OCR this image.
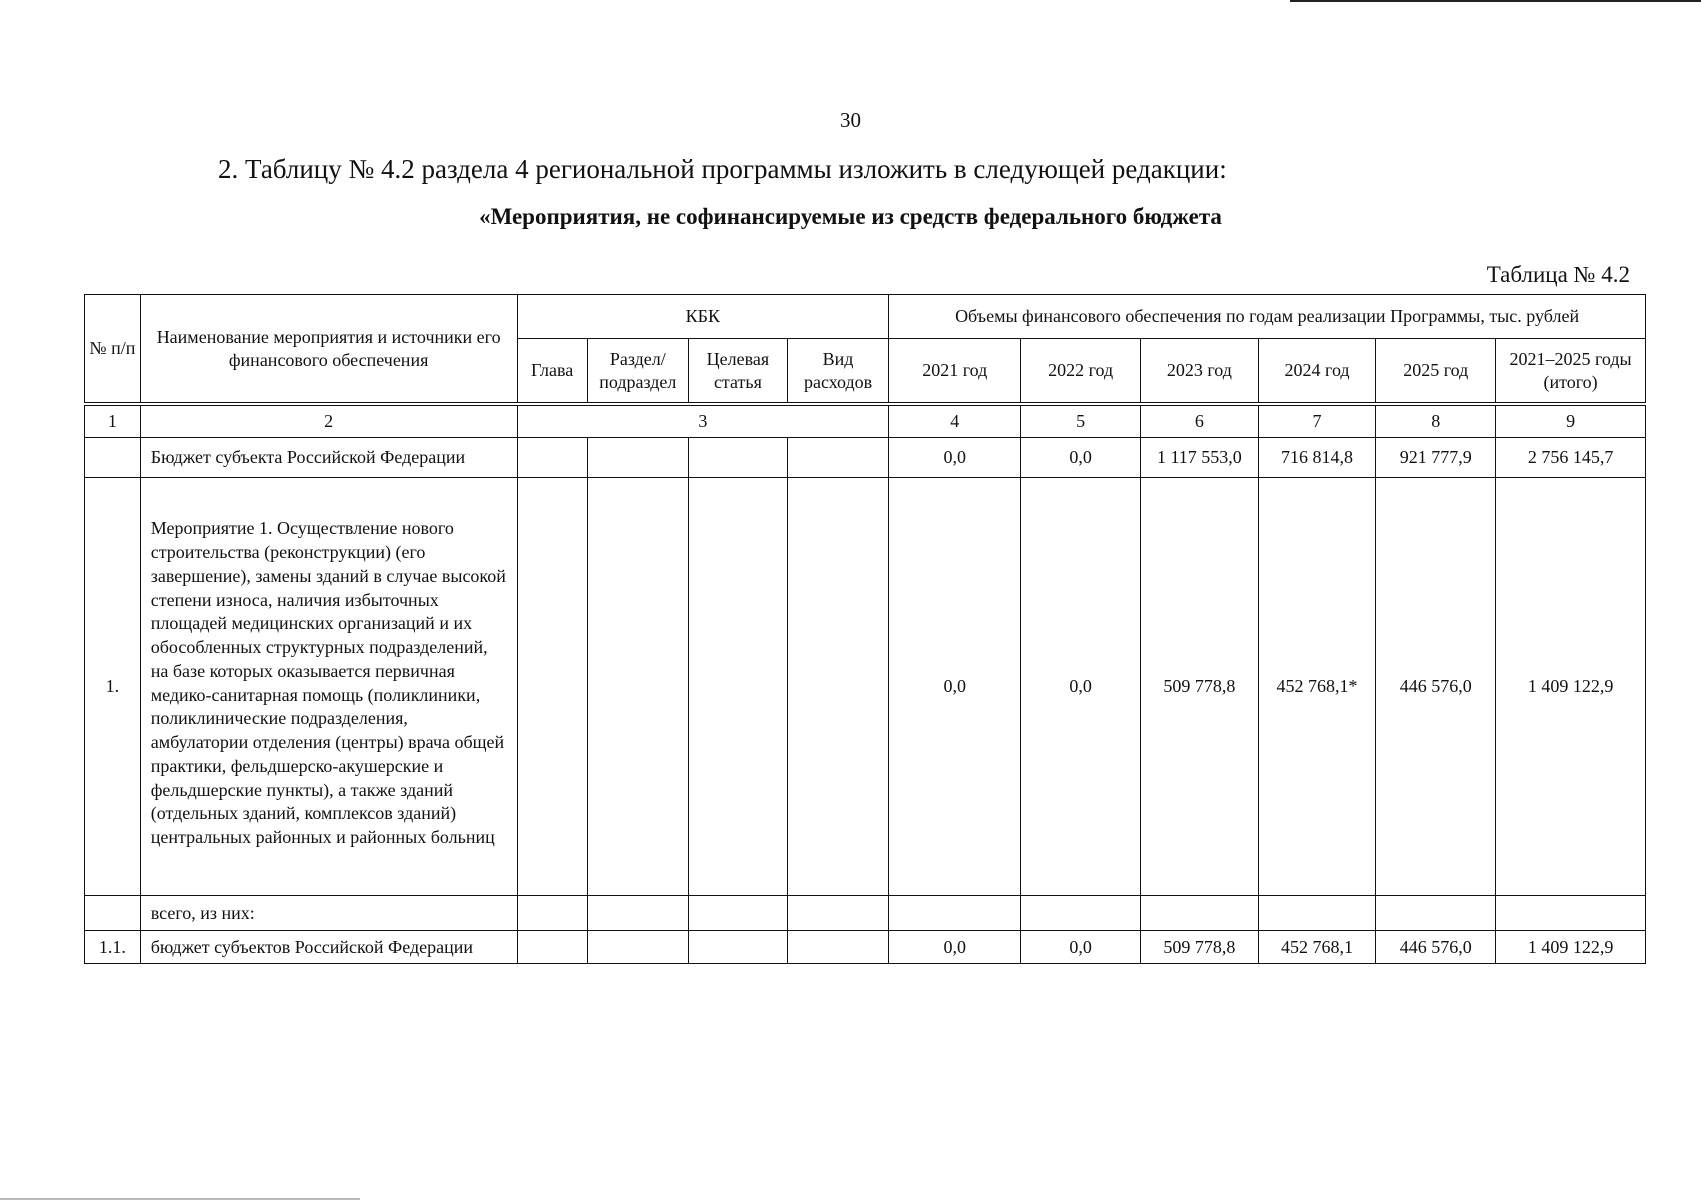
30
2. Таблицу № 4.2 раздела 4 региональной программы изложить в следующей редакции:
«Мероприятия, не софинансируемые из средств федерального бюджета
Таблица № 4.2
№ п/п	Наименование мероприятия и источники его финансового обеспечения	КБК				Объемы финансового обеспечения по годам реализации Программы, тыс. рублей					
		Глава	Раздел/ подраздел	Целевая статья	Вид расходов	2021 год	2022 год	2023 год	2024 год	2025 год	2021–2025 годы (итого)

1	2	3				4	5	6	7	8	9
	Бюджет субъекта Российской Федерации					0,0	0,0	1 117 553,0	716 814,8	921 777,9	2 756 145,7
1.	Мероприятие 1. Осуществление нового строительства (реконструкции) (его завершение), замены зданий в случае высокой степени износа, наличия избыточных площадей медицинских организаций и их обособленных структурных подразделений, на базе которых оказывается первичная медико-санитарная помощь (поликлиники, поликлинические подразделения, амбулатории отделения (центры) врача общей практики, фельдшерско-акушерские и фельдшерские пункты), а также зданий (отдельных зданий, комплексов зданий) центральных районных и районных больниц					0,0	0,0	509 778,8	452 768,1*	446 576,0	1 409 122,9
	всего, из них:										
1.1.	бюджет субъектов Российской Федерации					0,0	0,0	509 778,8	452 768,1	446 576,0	1 409 122,9
